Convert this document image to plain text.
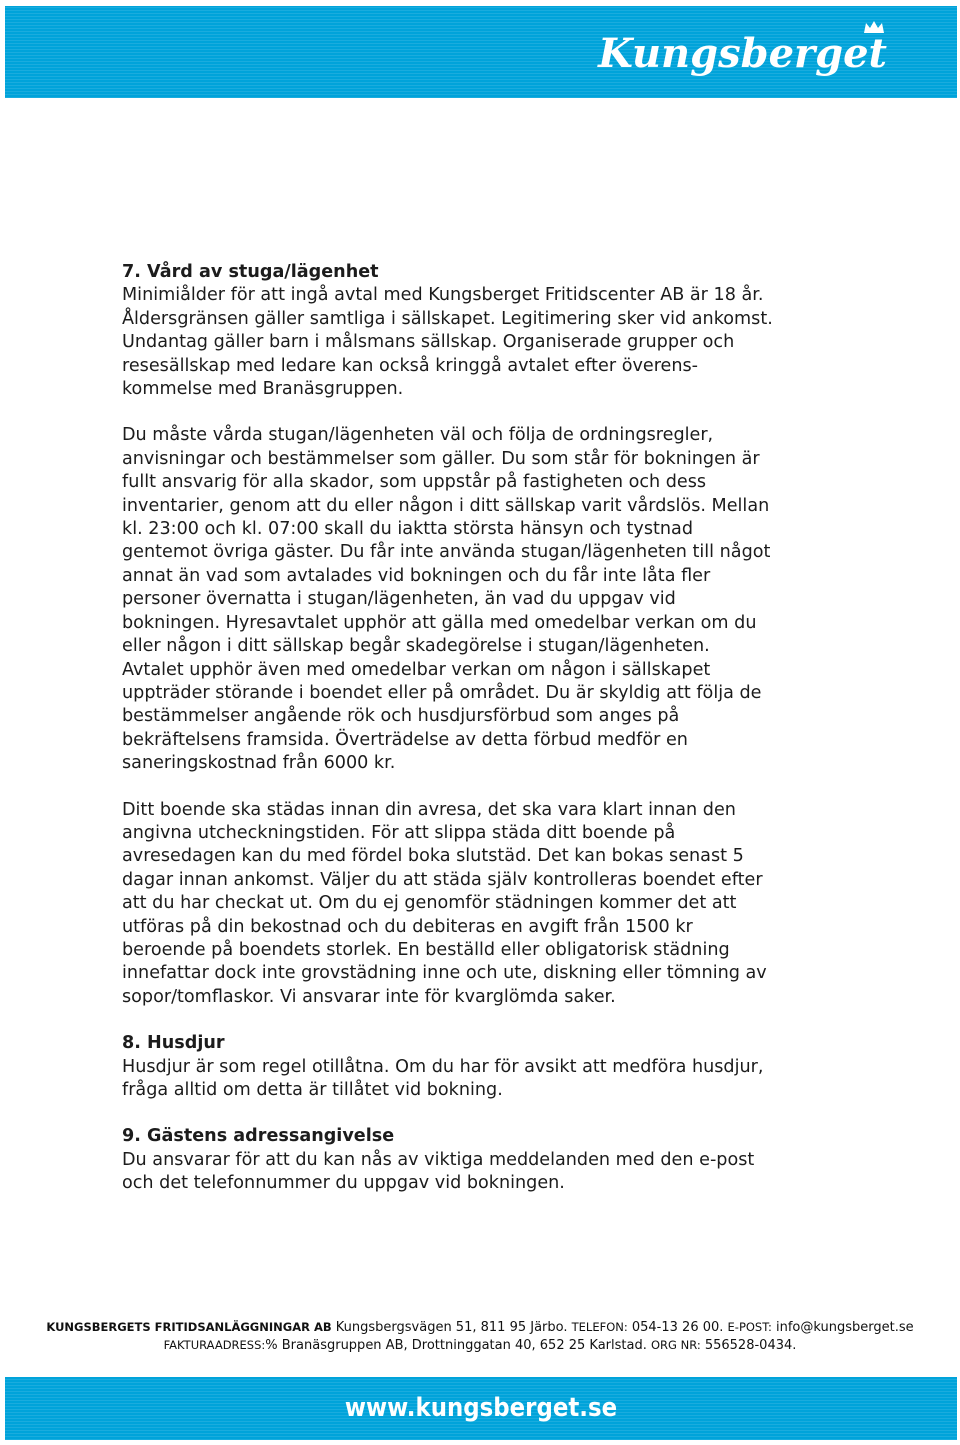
Kungsberget

7. Vård av stuga/lägenhet

Minimiålder för att ingå avtal med Kungsberget Fritidscenter AB är 18 år.

Åldersgränsen gäller samtliga i sällskapet. Legitimering sker vid ankomst.

Undantag gäller barn i målsmans sällskap. Organiserade grupper och

resesällskap med ledare kan också kringgå avtalet efter överens-

kommelse med Branäsgruppen.

Du måste vårda stugan/lägenheten väl och följa de ordningsregler,

anvisningar och bestämmelser som gäller. Du som står för bokningen är

fullt ansvarig för alla skador, som uppstår på fastigheten och dess

inventarier, genom att du eller någon i ditt sällskap varit vårdslös. Mellan

kl. 23:00 och kl. 07:00 skall du iaktta största hänsyn och tystnad

gentemot övriga gäster. Du får inte använda stugan/lägenheten till något

annat än vad som avtalades vid bokningen och du får inte låta fler

personer övernatta i stugan/lägenheten, än vad du uppgav vid

bokningen. Hyresavtalet upphör att gälla med omedelbar verkan om du

eller någon i ditt sällskap begår skadegörelse i stugan/lägenheten.

Avtalet upphör även med omedelbar verkan om någon i sällskapet

uppträder störande i boendet eller på området. Du är skyldig att följa de

bestämmelser angående rök och husdjursförbud som anges på

bekräftelsens framsida. Överträdelse av detta förbud medför en

saneringskostnad från 6000 kr.

Ditt boende ska städas innan din avresa, det ska vara klart innan den

angivna utcheckningstiden. För att slippa städa ditt boende på

avresedagen kan du med fördel boka slutstäd. Det kan bokas senast 5

dagar innan ankomst. Väljer du att städa själv kontrolleras boendet efter

att du har checkat ut. Om du ej genomför städningen kommer det att

utföras på din bekostnad och du debiteras en avgift från 1500 kr

beroende på boendets storlek. En beställd eller obligatorisk städning

innefattar dock inte grovstädning inne och ute, diskning eller tömning av

sopor/tomflaskor. Vi ansvarar inte för kvarglömda saker.

8. Husdjur

Husdjur är som regel otillåtna. Om du har för avsikt att medföra husdjur,

fråga alltid om detta är tillåtet vid bokning.

9. Gästens adressangivelse

Du ansvarar för att du kan nås av viktiga meddelanden med den e-post

och det telefonnummer du uppgav vid bokningen.

KUNGSBERGETS FRITIDSANLÄGGNINGAR AB Kungsbergsvägen 51, 811 95 Järbo. TELEFON: 054-13 26 00. E-POST: info@kungsberget.se
FAKTURAADRESS:% Branäsgruppen AB, Drottninggatan 40, 652 25 Karlstad. ORG NR: 556528-0434.
www.kungsberget.se
